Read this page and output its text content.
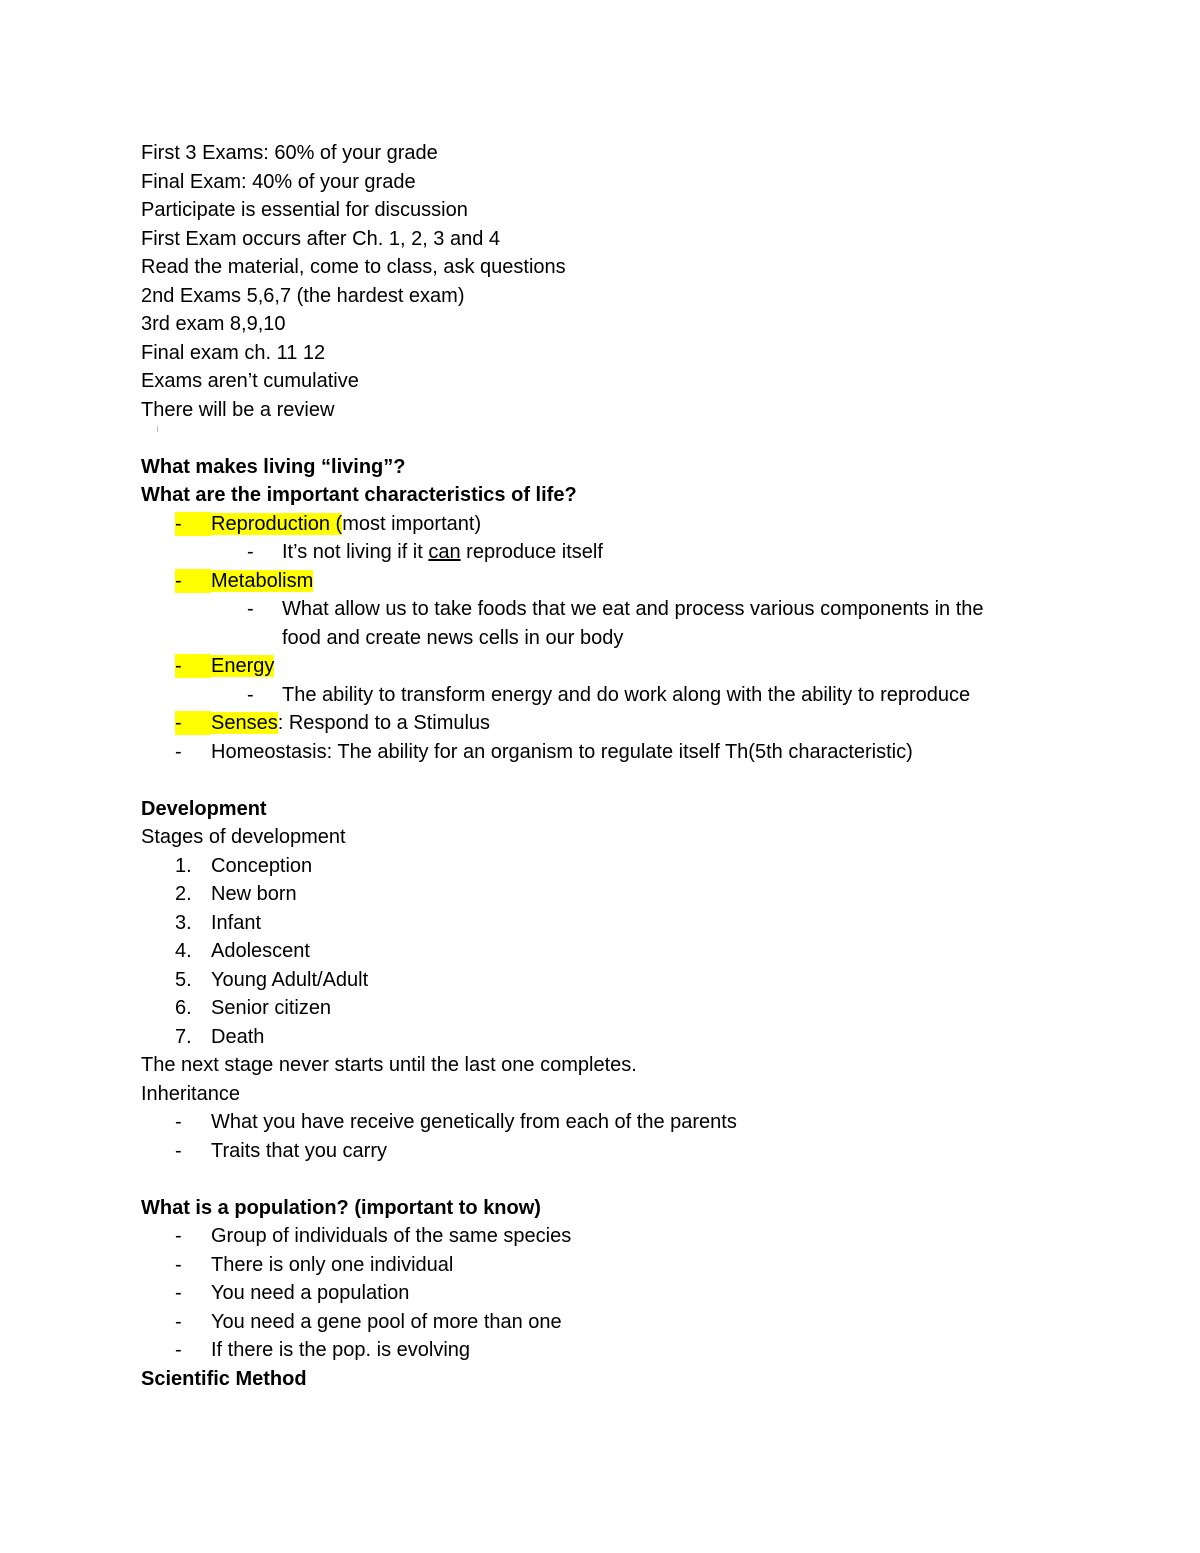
First 3 Exams: 60% of your grade
Final Exam: 40% of your grade
Participate is essential for discussion
First Exam occurs after Ch. 1, 2, 3 and 4
Read the material, come to class, ask questions
2nd Exams 5,6,7 (the hardest exam)
3rd exam 8,9,10
Final exam ch. 11 12
Exams aren’t cumulative
There will be a review
What makes living “living”?
What are the important characteristics of life?
- Reproduction (most important)
- It’s not living if it can reproduce itself
- Metabolism
- What allow us to take foods that we eat and process various components in the
food and create news cells in our body
- Energy
- The ability to transform energy and do work along with the ability to reproduce
- Senses: Respond to a Stimulus
- Homeostasis: The ability for an organism to regulate itself Th(5th characteristic)
Development
Stages of development
1. Conception
2. New born
3. Infant
4. Adolescent
5. Young Adult/Adult
6. Senior citizen
7. Death
The next stage never starts until the last one completes.
Inheritance
- What you have receive genetically from each of the parents
- Traits that you carry
What is a population? (important to know)
- Group of individuals of the same species
- There is only one individual
- You need a population
- You need a gene pool of more than one
- If there is the pop. is evolving
Scientific Method
